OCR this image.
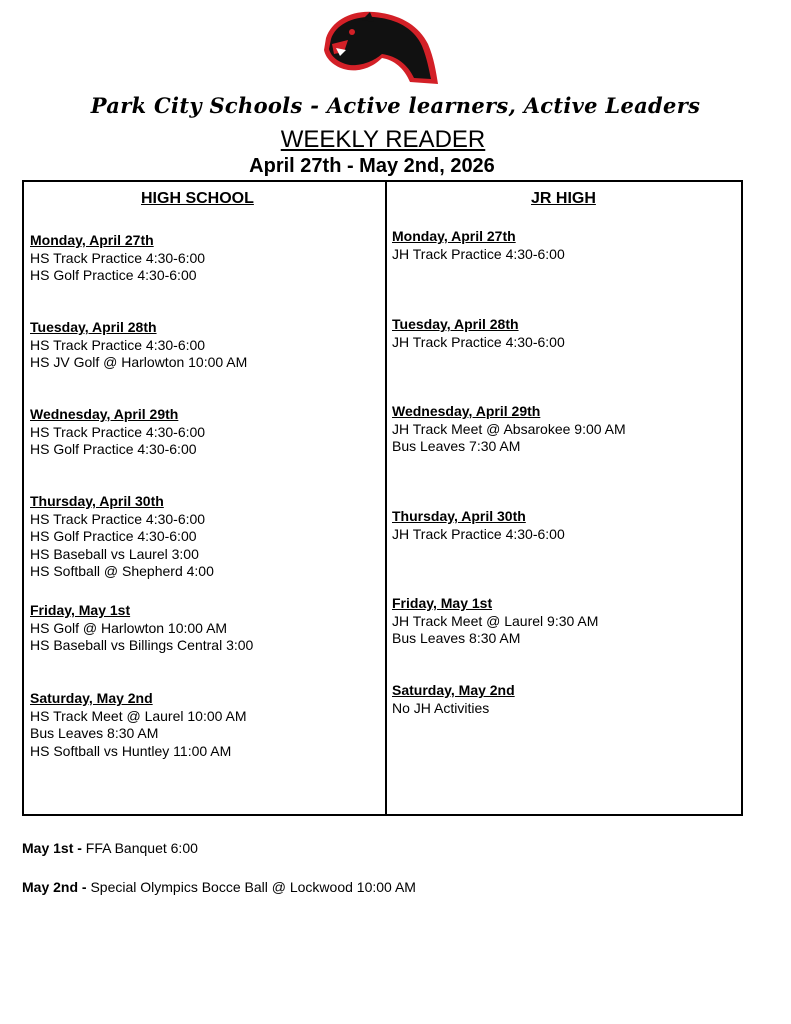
Park City Schools - Active learners, Active Leaders
WEEKLY READER
April 27th - May 2nd, 2026
HIGH SCHOOL	JR HIGH
Monday, April 27th
HS Track Practice 4:30-6:00
HS Golf Practice 4:30-6:00
Tuesday, April 28th
HS Track Practice 4:30-6:00
HS JV Golf @ Harlowton 10:00 AM
Wednesday, April 29th
HS Track Practice 4:30-6:00
HS Golf Practice 4:30-6:00
Thursday, April 30th
HS Track Practice 4:30-6:00
HS Golf Practice 4:30-6:00
HS Baseball vs Laurel 3:00
HS Softball @ Shepherd 4:00
Friday, May 1st
HS Golf @ Harlowton 10:00 AM
HS Baseball vs Billings Central 3:00
Saturday, May 2nd
HS Track Meet @ Laurel 10:00 AM
Bus Leaves 8:30 AM
HS Softball vs Huntley 11:00 AM
Monday, April 27th
JH Track Practice 4:30-6:00
Tuesday, April 28th
JH Track Practice 4:30-6:00
Wednesday, April 29th
JH Track Meet @ Absarokee 9:00 AM
Bus Leaves 7:30 AM
Thursday, April 30th
JH Track Practice 4:30-6:00
Friday, May 1st
JH Track Meet @ Laurel 9:30 AM
Bus Leaves 8:30 AM
Saturday, May 2nd
No JH Activities
May 1st - FFA Banquet 6:00
May 2nd - Special Olympics Bocce Ball @ Lockwood 10:00 AM
